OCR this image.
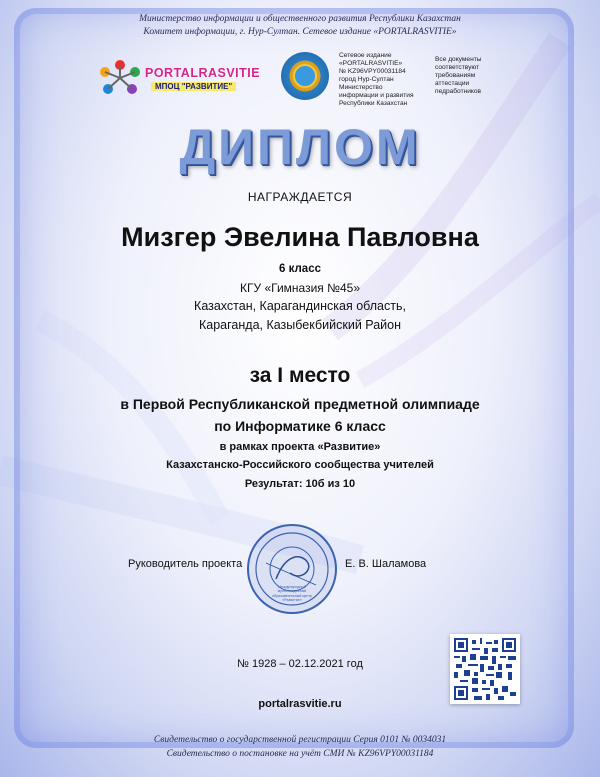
Министерство информации и общественного развития Республики Казахстан
Комитет информации, г. Нур-Султан. Сетевое издание «PORTALRASVITIE»
PORTALRASVITIE
МПОЦ "РАЗВИТИЕ"
Сетевое издание
«PORTALRASVITIE»
№ KZ96VPY00031184
город Нур-Султан
Министерство
информации и развития
Республики Казахстан
Все документы
соответствуют
требованиям
аттестации
педработников
ДИПЛОМ
НАГРАЖДАЕТСЯ
Мизгер Эвелина Павловна
6 класс
КГУ «Гимназия №45»
Казахстан, Карагандинская область,
Караганда, Казыбекбийский Район
за I место
в Первой Республиканской предметной олимпиаде
по Информатике 6 класс
в рамках проекта «Развитие»
Казахстанско-Российского сообщества учителей
Результат: 10б из 10
Руководитель проекта	Е. В. Шаламова
Международный мультимедийный образовательный центр «Развитие»
№ 1928 – 02.12.2021 год
portalrasvitie.ru
Свидетельство о государственной регистрации Серия 0101 № 0034031
Свидетельство о постановке на учёт СМИ № KZ96VPY00031184
